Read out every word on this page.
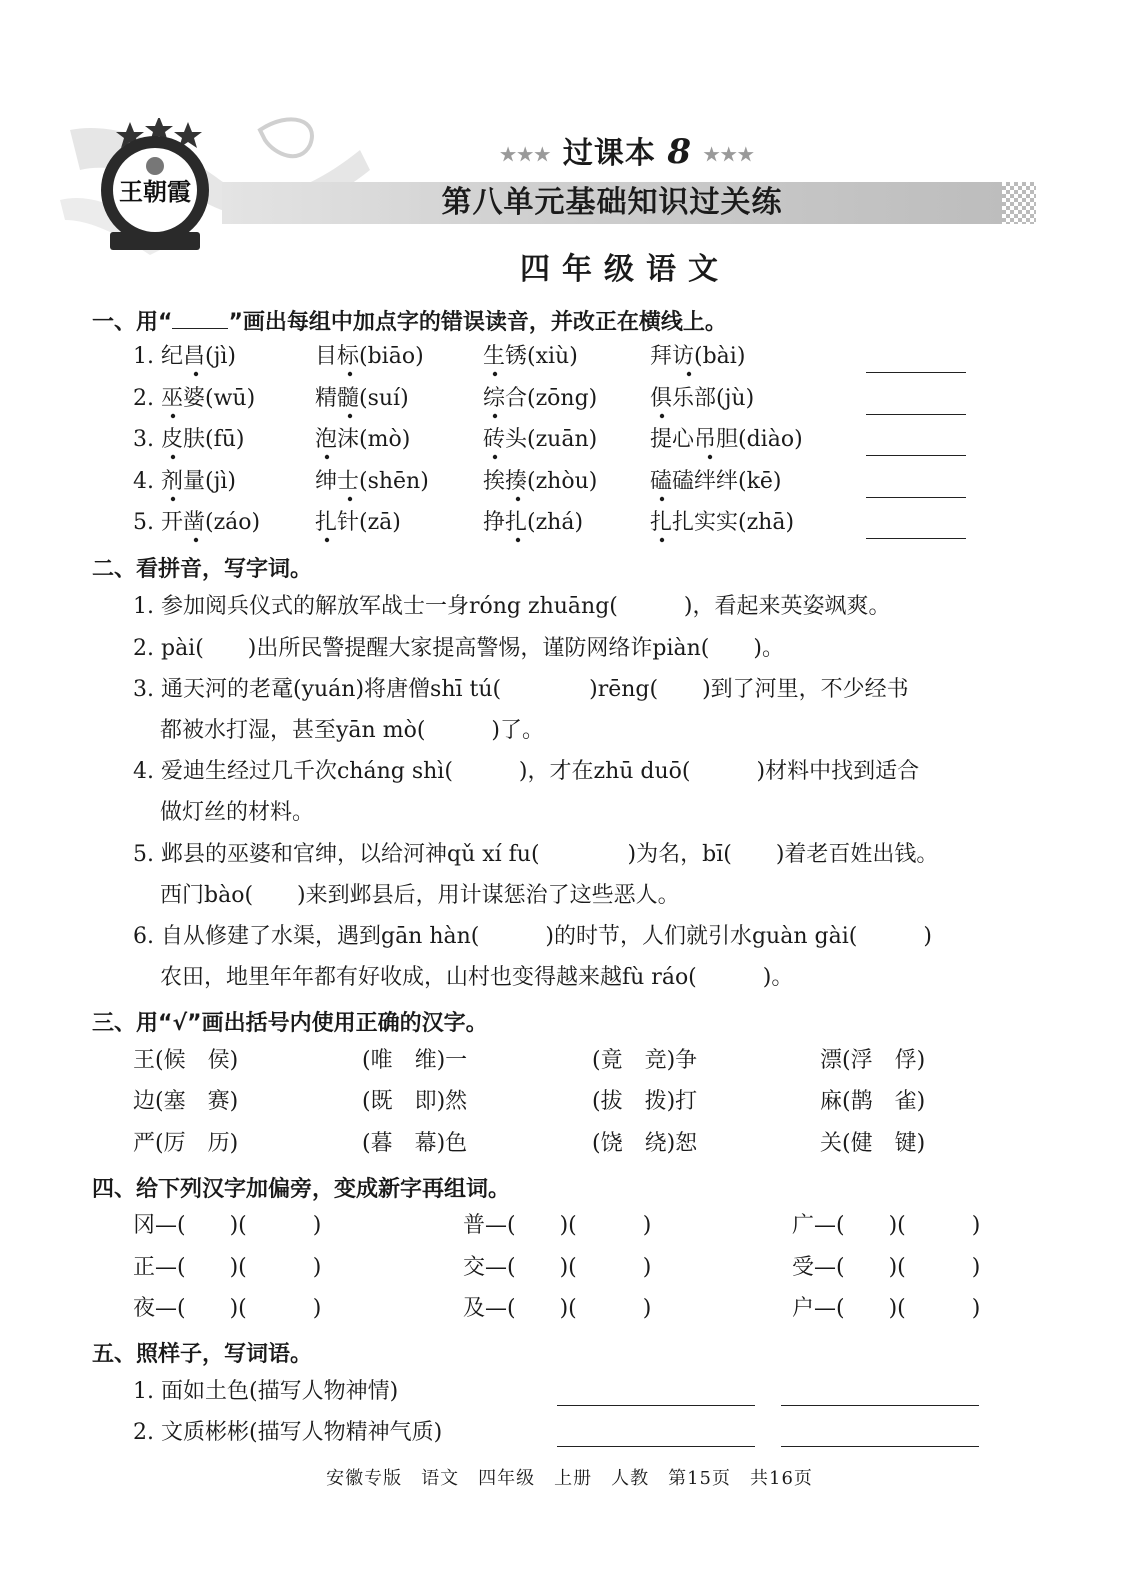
王朝霞
★★★ 过课本 8 ★★★
第八单元基础知识过关练
四年级语文
一、用“	”画出每组中加点字的错误读音，并改正在横线上。
1. 纪昌(jì)	目标(biāo)	生锈(xiù)	拜访(bài)
2. 巫婆(wū)	精髓(suí)	综合(zōng) 俱乐部(jù)
3. 皮肤(fū)	泡沫(mò)	砖头(zuān) 提心吊胆(diào)
4. 剂量(jì)	绅士(shēn) 挨揍(zhòu) 磕磕绊绊(kē)
5. 开凿(záo) 扎针(zā)	挣扎(zhá)	扎扎实实(zhā)
二、看拼音，写字词。
1. 参加阅兵仪式的解放军战士一身róng zhuāng(　　　)，看起来英姿飒爽。
2. pài(　　)出所民警提醒大家提高警惕，谨防网络诈piàn(　　)。
3. 通天河的老鼋(yuán)将唐僧shī tú(　　　　)rēng(　　)到了河里，不少经书
都被水打湿，甚至yān mò(　　　)了。
4. 爱迪生经过几千次cháng shì(　　　)，才在zhū duō(　　　)材料中找到适合
做灯丝的材料。
5. 邺县的巫婆和官绅，以给河神qǔ xí fu(　　　　)为名，bī(　　)着老百姓出钱。
西门bào(　　)来到邺县后，用计谋惩治了这些恶人。
6. 自从修建了水渠，遇到gān hàn(　　　)的时节，人们就引水guàn gài(　　　)
农田，地里年年都有好收成，山村也变得越来越fù ráo(　　　)。
三、用“√”画出括号内使用正确的汉字。
王(候　侯)	(唯　维)一	(竟　竞)争	漂(浮　俘)
边(塞　赛)	(既　即)然	(拔　拨)打	麻(鹊　雀)
严(厉　历)	(暮　幕)色	(饶　绕)恕	关(健　键)
四、给下列汉字加偏旁，变成新字再组词。
冈—(　　)(　　　)	普—(　　)(　　　)	广—(　　)(　　　)
正—(　　)(　　　)	交—(　　)(　　　)	受—(　　)(　　　)
夜—(　　)(　　　)	及—(　　)(　　　)	户—(　　)(　　　)
五、照样子，写词语。
1. 面如土色(描写人物神情)
2. 文质彬彬(描写人物精神气质)
安徽专版　语文　四年级　上册　人教　第15页　共16页
